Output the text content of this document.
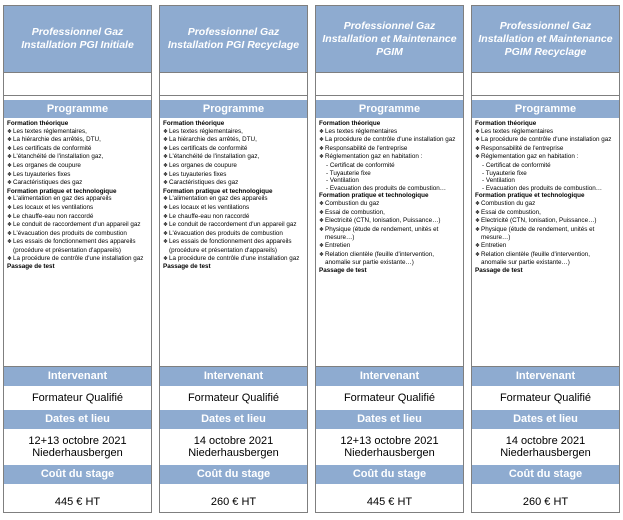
Professionnel Gaz Installation PGI Initiale
Programme
Formation théorique
❖ Les textes réglementaires,
❖ La hiérarchie des arrêtés, DTU,
❖ Les certificats de conformité
❖ L'étanchéité de l'installation gaz,
❖ Les organes de coupure
❖ Les tuyauteries fixes
❖ Caractéristiques des gaz
Formation pratique et technologique
❖ L'alimentation en gaz des appareils
❖ Les locaux et les ventilations
❖ Le chauffe-eau non raccordé
❖ Le conduit de raccordement d'un appareil gaz
❖ L'évacuation des produits de combustion
❖ Les essais de fonctionnement des appareils (procédure et présentation d'appareils)
❖ La procédure de contrôle d'une installation gaz
Passage de test
Intervenant
Formateur Qualifié
Dates et lieu
12+13 octobre 2021
Niederhausbergen
Coût du stage
445 € HT
Professionnel Gaz Installation PGI Recyclage
Programme
Formation théorique
❖ Les textes réglementaires,
❖ La hiérarchie des arrêtés, DTU,
❖ Les certificats de conformité
❖ L'étanchéité de l'installation gaz,
❖ Les organes de coupure
❖ Les tuyauteries fixes
❖ Caractéristiques des gaz
Formation pratique et technologique
❖ L'alimentation en gaz des appareils
❖ Les locaux et les ventilations
❖ Le chauffe-eau non raccordé
❖ Le conduit de raccordement d'un appareil gaz
❖ L'évacuation des produits de combustion
❖ Les essais de fonctionnement des appareils (procédure et présentation d'appareils)
❖ La procédure de contrôle d'une installation gaz
Passage de test
Intervenant
Formateur Qualifié
Dates et lieu
14 octobre 2021
Niederhausbergen
Coût du stage
260 € HT
Professionnel Gaz Installation et Maintenance PGIM
Programme
Formation théorique
❖ Les textes réglementaires
❖ La procédure de contrôle d'une installation gaz
❖ Responsabilité de l'entreprise
❖ Réglementation gaz en habitation :
- Certificat de conformité
- Tuyauterie fixe
- Ventilation
- Evacuation des produits de combustion…
Formation pratique et technologique
❖ Combustion du gaz
❖ Essai de combustion,
❖ Electricité (CTN, Ionisation, Puissance…)
❖ Physique (étude de rendement, unités et mesure…)
❖ Entretien
❖ Relation clientèle (feuille d'intervention, anomalie sur partie existante…)
Passage de test
Intervenant
Formateur Qualifié
Dates et lieu
12+13 octobre 2021
Niederhausbergen
Coût du stage
445 € HT
Professionnel Gaz Installation et Maintenance PGIM Recyclage
Programme
Formation théorique
❖ Les textes réglementaires
❖ La procédure de contrôle d'une installation gaz
❖ Responsabilité de l'entreprise
❖ Réglementation gaz en habitation :
- Certificat de conformité
- Tuyauterie fixe
- Ventilation
- Evacuation des produits de combustion…
Formation pratique et technologique
❖ Combustion du gaz
❖ Essai de combustion,
❖ Electricité (CTN, Ionisation, Puissance…)
❖ Physique (étude de rendement, unités et mesure…)
❖ Entretien
❖ Relation clientèle (feuille d'intervention, anomalie sur partie existante…)
Passage de test
Intervenant
Formateur Qualifié
Dates et lieu
14 octobre 2021
Niederhausbergen
Coût du stage
260 € HT
